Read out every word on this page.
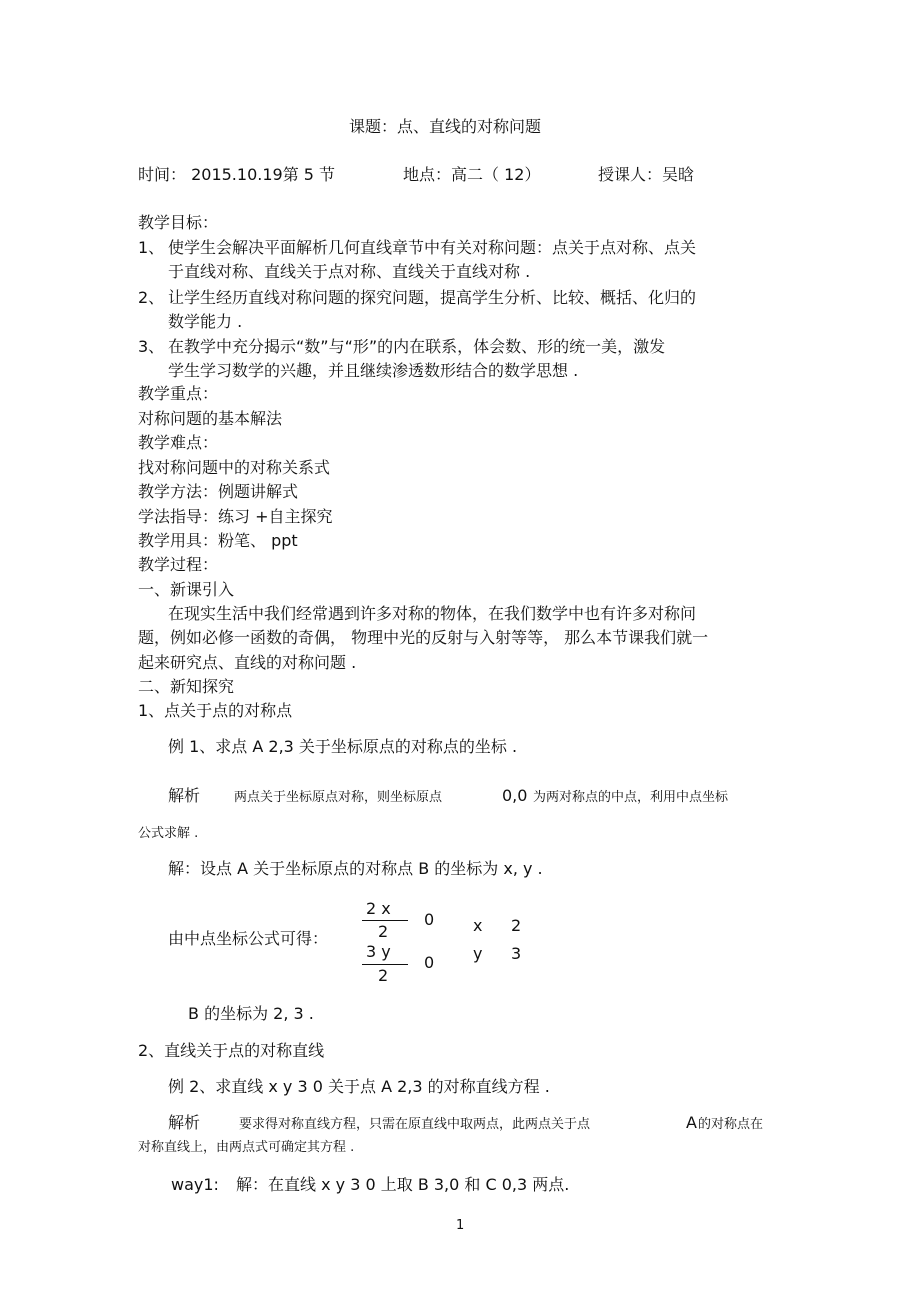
课题：点、直线的对称问题
时间： 2015.10.19第 5 节	地点：高二（ 12）	授课人：吴晗
教学目标：
1、 使学生会解决平面解析几何直线章节中有关对称问题：点关于点对称、点关
于直线对称、直线关于点对称、直线关于直线对称 .
2、 让学生经历直线对称问题的探究问题，提高学生分析、比较、概括、化归的
数学能力 .
3、 在教学中充分揭示“数”与“形”的内在联系，体会数、形的统一美，激发
学生学习数学的兴趣，并且继续渗透数形结合的数学思想 .
教学重点：
对称问题的基本解法
教学难点：
找对称问题中的对称关系式
教学方法：例题讲解式
学法指导：练习 +自主探究
教学用具：粉笔、 ppt
教学过程：
一、新课引入
在现实生活中我们经常遇到许多对称的物体，在我们数学中也有许多对称问
题，例如必修一函数的奇偶， 物理中光的反射与入射等等， 那么本节课我们就一
起来研究点、直线的对称问题 .
二、新知探究
1、点关于点的对称点
例 1、求点 A 2,3 关于坐标原点的对称点的坐标 .
解析	两点关于坐标原点对称，则坐标原点	0,0 为两对称点的中点，利用中点坐标
公式求解 .
解：设点 A 关于坐标原点的对称点 B 的坐标为 x, y .
由中点坐标公式可得：
2 x
2
0
3 y
2
0
x 2
y 3
B 的坐标为 2, 3 .
2、直线关于点的对称直线
例 2、求直线 x y 3 0 关于点 A 2,3 的对称直线方程 .
解析	要求得对称直线方程，只需在原直线中取两点，此两点关于点	A 的对称点在
对称直线上，由两点式可确定其方程 .
way1: 解：在直线 x y 3 0 上取 B 3,0 和 C 0,3 两点.
1
